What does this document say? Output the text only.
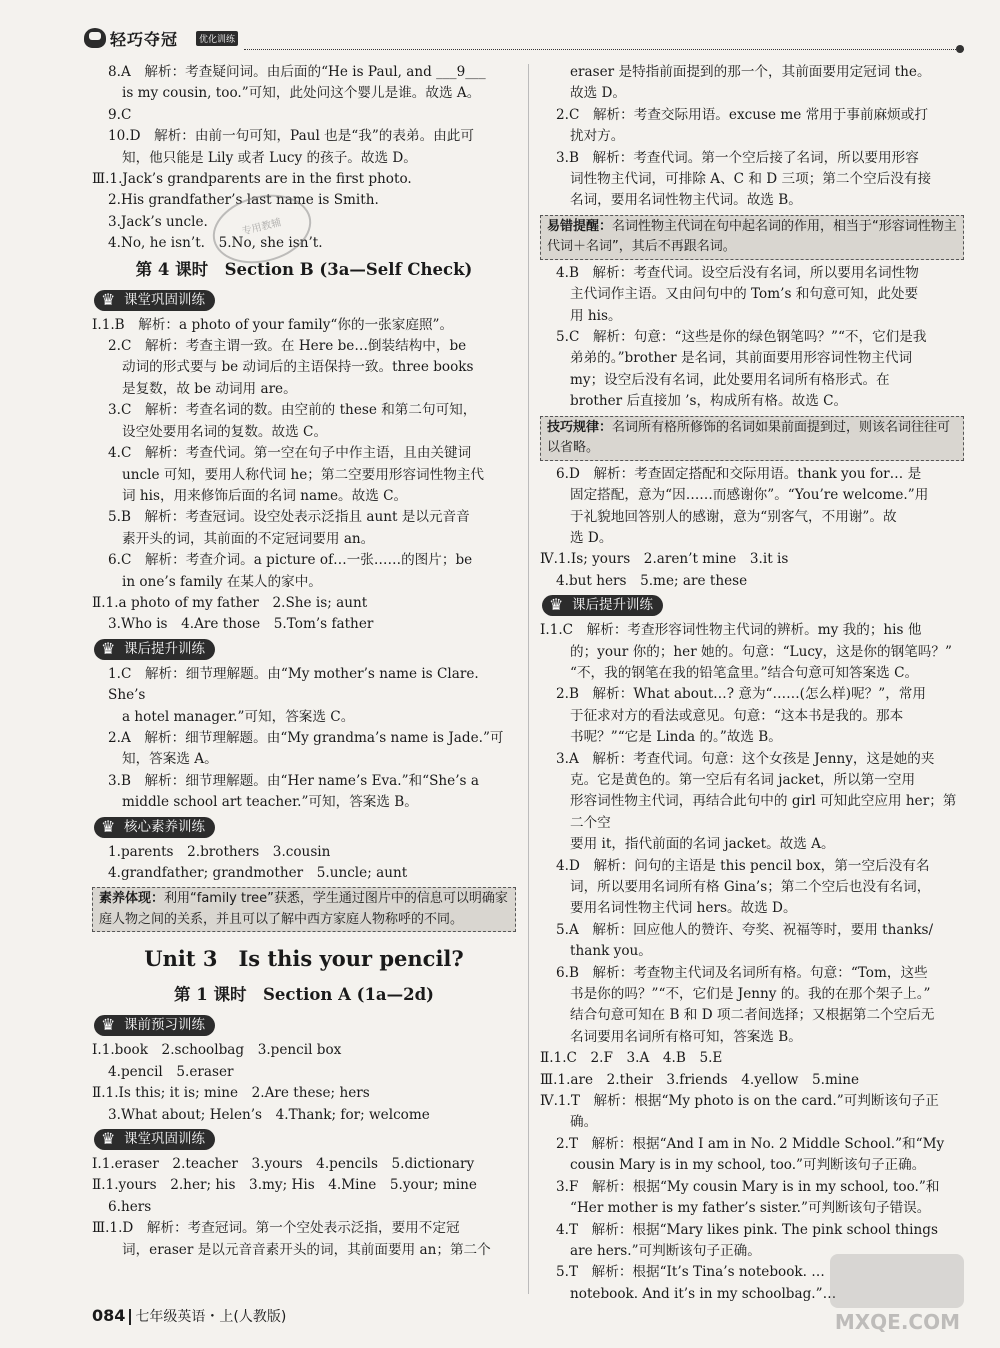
轻巧夺冠	优化训练
8.A　解析：考查疑问词。由后面的“He is Paul, and ___9___
is my cousin, too.”可知，此处问这个婴儿是谁。故选 A。
9.C
10.D　解析：由前一句可知，Paul 也是“我”的表弟。由此可
知，他只能是 Lily 或者 Lucy 的孩子。故选 D。
Ⅲ.1.Jack’s grandparents are in the first photo.
2.His grandfather’s last name is Smith.
3.Jack’s uncle.
4.No, he isn’t.　5.No, she isn’t.
第 4 课时　Section B (3a—Self Check)
♛
课堂巩固训练
Ⅰ.1.B　解析：a photo of your family“你的一张家庭照”。
2.C　解析：考查主谓一致。在 Here be…倒装结构中，be
动词的形式要与 be 动词后的主语保持一致。three books
是复数，故 be 动词用 are。
3.C　解析：考查名词的数。由空前的 these 和第二句可知，
设空处要用名词的复数。故选 C。
4.C　解析：考查代词。第一空在句子中作主语，且由关键词
uncle 可知，要用人称代词 he；第二空要用形容词性物主代
词 his，用来修饰后面的名词 name。故选 C。
5.B　解析：考查冠词。设空处表示泛指且 aunt 是以元音音
素开头的词，其前面的不定冠词要用 an。
6.C　解析：考查介词。a picture of…一张……的图片；be
in one’s family 在某人的家中。
Ⅱ.1.a photo of my father　2.She is; aunt
3.Who is　4.Are those　5.Tom’s father
♛
课后提升训练
1.C　解析：细节理解题。由“My mother’s name is Clare. She’s
a hotel manager.”可知，答案选 C。
2.A　解析：细节理解题。由“My grandma’s name is Jade.”可
知，答案选 A。
3.B　解析：细节理解题。由“Her name’s Eva.”和“She’s a
middle school art teacher.”可知，答案选 B。
♛
核心素养训练
1.parents　2.brothers　3.cousin
4.grandfather; grandmother　5.uncle; aunt
素养体现：利用“family tree”获悉，学生通过图片中的信息可以明确家庭人物之间的关系，并且可以了解中西方家庭人物称呼的不同。
Unit 3　Is this your pencil?
第 1 课时　Section A (1a—2d)
♛
课前预习训练
Ⅰ.1.book　2.schoolbag　3.pencil box
4.pencil　5.eraser
Ⅱ.1.Is this; it is; mine　2.Are these; hers
3.What about; Helen’s　4.Thank; for; welcome
♛
课堂巩固训练
Ⅰ.1.eraser　2.teacher　3.yours　4.pencils　5.dictionary
Ⅱ.1.yours　2.her; his　3.my; His　4.Mine　5.your; mine
6.hers
Ⅲ.1.D　解析：考查冠词。第一个空处表示泛指，要用不定冠
词，eraser 是以元音音素开头的词，其前面要用 an；第二个
eraser 是特指前面提到的那一个，其前面要用定冠词 the。
故选 D。
2.C　解析：考查交际用语。excuse me 常用于事前麻烦或打
扰对方。
3.B　解析：考查代词。第一个空后接了名词，所以要用形容
词性物主代词，可排除 A、C 和 D 三项；第二个空后没有接
名词，要用名词性物主代词。故选 B。
易错提醒：名词性物主代词在句中起名词的作用，相当于“形容词性物主代词＋名词”，其后不再跟名词。
4.B　解析：考查代词。设空后没有名词，所以要用名词性物
主代词作主语。又由问句中的 Tom’s 和句意可知，此处要
用 his。
5.C　解析：句意：“这些是你的绿色钢笔吗？”“不，它们是我
弟弟的。”brother 是名词，其前面要用形容词性物主代词
my；设空后没有名词，此处要用名词所有格形式。在
brother 后直接加 ’s，构成所有格。故选 C。
技巧规律：名词所有格所修饰的名词如果前面提到过，则该名词往往可以省略。
6.D　解析：考查固定搭配和交际用语。thank you for… 是
固定搭配，意为“因……而感谢你”。“You’re welcome.”用
于礼貌地回答别人的感谢，意为“别客气，不用谢”。故
选 D。
Ⅳ.1.Is; yours　2.aren’t mine　3.it is
4.but hers　5.me; are these
♛
课后提升训练
Ⅰ.1.C　解析：考查形容词性物主代词的辨析。my 我的；his 他
的；your 你的；her 她的。句意：“Lucy，这是你的钢笔吗？”
“不，我的钢笔在我的铅笔盒里。”结合句意可知答案选 C。
2.B　解析：What about…? 意为“……(怎么样)呢？”，常用
于征求对方的看法或意见。句意：“这本书是我的。那本
书呢？”“它是 Linda 的。”故选 B。
3.A　解析：考查代词。句意：这个女孩是 Jenny，这是她的夹
克。它是黄色的。第一空后有名词 jacket，所以第一空用
形容词性物主代词，再结合此句中的 girl 可知此空应用 her；第二个空
要用 it，指代前面的名词 jacket。故选 A。
4.D　解析：问句的主语是 this pencil box，第一空后没有名
词，所以要用名词所有格 Gina’s；第二个空后也没有名词，
要用名词性物主代词 hers。故选 D。
5.A　解析：回应他人的赞许、夸奖、祝福等时，要用 thanks/
thank you。
6.B　解析：考查物主代词及名词所有格。句意：“Tom，这些
书是你的吗？”“不，它们是 Jenny 的。我的在那个架子上。”
结合句意可知在 B 和 D 项二者间选择；又根据第二个空后无
名词要用名词所有格可知，答案选 B。
Ⅱ.1.C　2.F　3.A　4.B　5.E
Ⅲ.1.are　2.their　3.friends　4.yellow　5.mine
Ⅳ.1.T　解析：根据“My photo is on the card.”可判断该句子正
确。
2.T　解析：根据“And I am in No. 2 Middle School.”和“My
cousin Mary is in my school, too.”可判断该句子正确。
3.F　解析：根据“My cousin Mary is in my school, too.”和
“Her mother is my father’s sister.”可判断该句子错误。
4.T　解析：根据“Mary likes pink. The pink school things
are hers.”可判断该句子正确。
5.T　解析：根据“It’s Tina’s notebook. …
notebook. And it’s in my schoolbag.”…
专用教辅
MXQE.COM
084 七年级英语・上(人教版)
